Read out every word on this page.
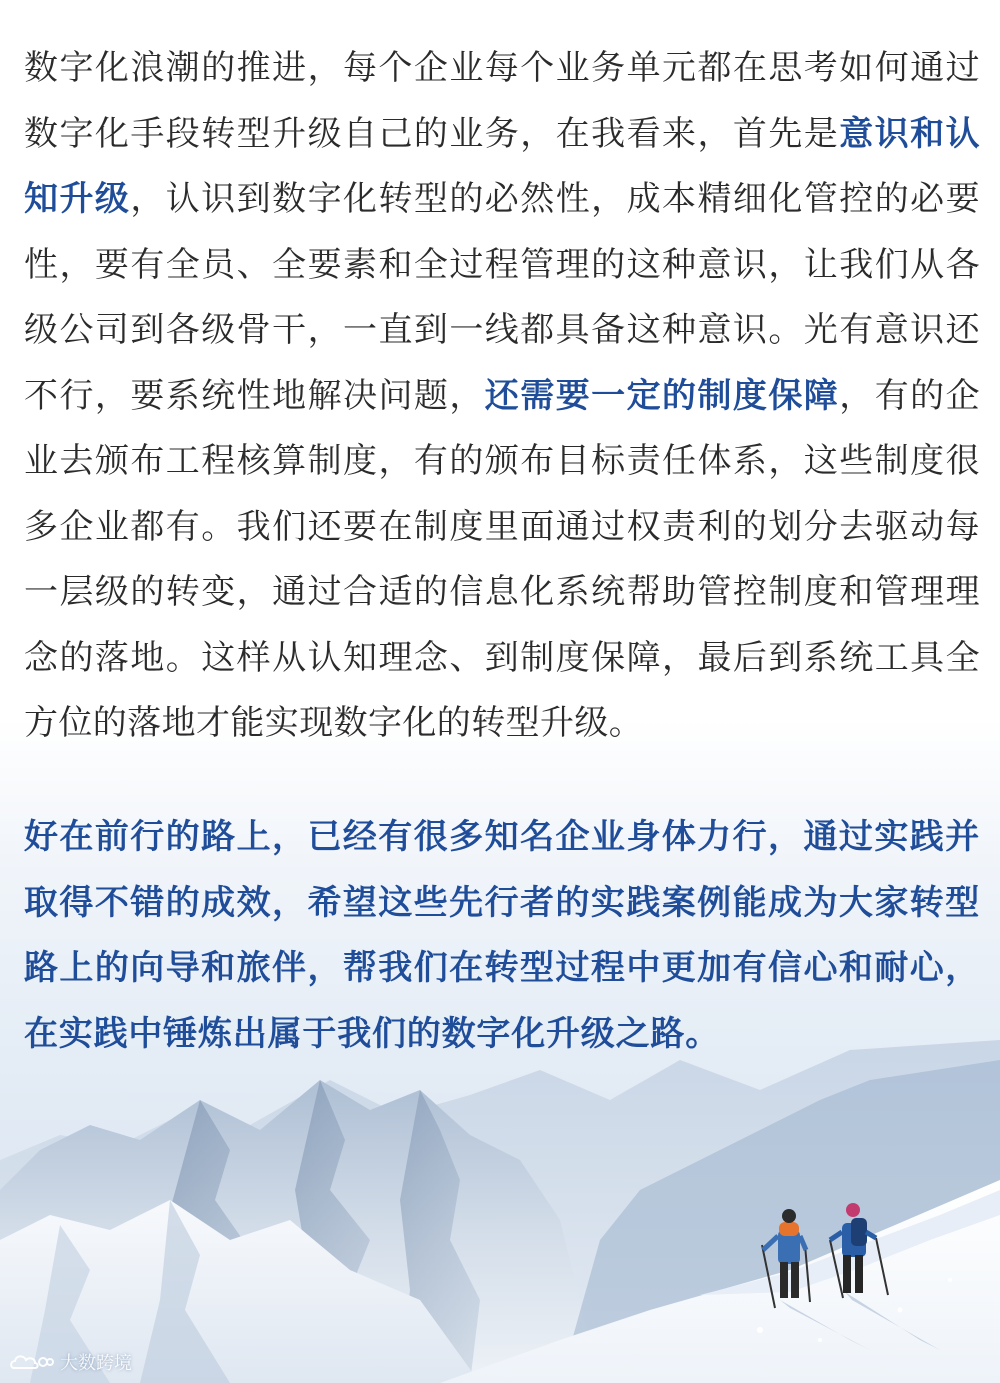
数字化浪潮的推进，每个企业每个业务单元都在思考如何通过数字化手段转型升级自己的业务，在我看来，首先是意识和认知升级，认识到数字化转型的必然性，成本精细化管控的必要性，要有全员、全要素和全过程管理的这种意识，让我们从各级公司到各级骨干，一直到一线都具备这种意识。光有意识还不行，要系统性地解决问题，还需要一定的制度保障，有的企业去颁布工程核算制度，有的颁布目标责任体系，这些制度很多企业都有。我们还要在制度里面通过权责利的划分去驱动每一层级的转变，通过合适的信息化系统帮助管控制度和管理理念的落地。这样从认知理念、到制度保障，最后到系统工具全方位的落地才能实现数字化的转型升级。

好在前行的路上，已经有很多知名企业身体力行，通过实践并取得不错的成效，希望这些先行者的实践案例能成为大家转型路上的向导和旅伴，帮我们在转型过程中更加有信心和耐心，在实践中锤炼出属于我们的数字化升级之路。

大数跨境
